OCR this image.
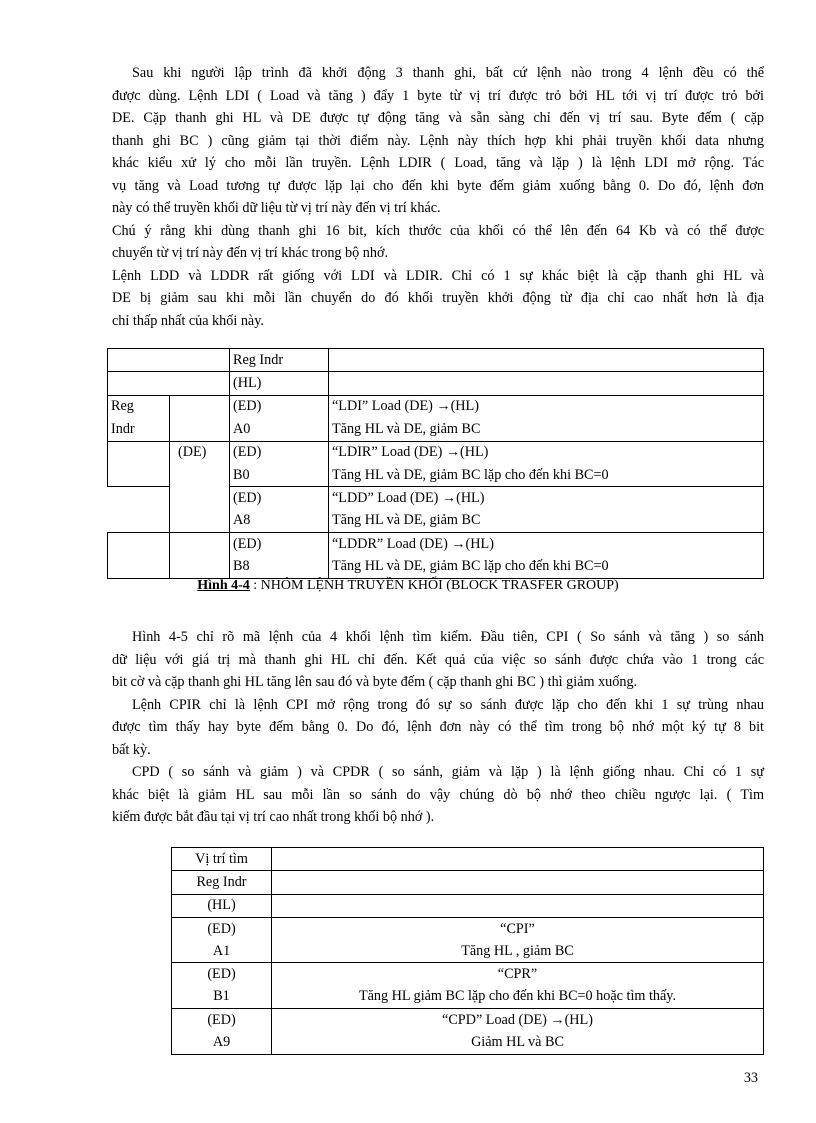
Sau khi người lập trình đã khởi động 3 thanh ghi, bất cứ lệnh nào trong 4 lệnh đều có thể
được dùng. Lệnh LDI ( Load và tăng ) đẩy 1 byte từ vị trí được trỏ bởi HL tới vị trí được trỏ bởi
DE. Cặp thanh ghi HL và DE được tự động tăng và sẵn sàng chỉ đến vị trí sau. Byte đếm ( cặp
thanh ghi BC ) cũng giảm tại thời điểm này. Lệnh này thích hợp khi phải truyền khối data nhưng
khác kiểu xử lý cho mỗi lần truyền. Lệnh LDIR ( Load, tăng và lặp ) là lệnh LDI mở rộng. Tác
vụ tăng và Load tương tự được lặp lại cho đến khi byte đếm giảm xuống bằng 0. Do đó, lệnh đơn
này có thể truyền khối dữ liệu từ vị trí này đến vị trí khác.
Chú ý rằng khi dùng thanh ghi 16 bit, kích thước của khối có thể lên đến 64 Kb và có thể được
chuyển từ vị trí này đến vị trí khác trong bộ nhớ.
Lệnh LDD và LDDR rất giống với LDI và LDIR. Chỉ có 1 sự khác biệt là cặp thanh ghi HL và
DE bị giảm sau khi mỗi lần chuyển do đó khối truyền khởi động từ địa chỉ cao nhất hơn là địa
chỉ thấp nhất của khối này.
		Reg Indr	
		(HL)	
Reg		(ED)	“LDI” Load (DE) →(HL)
Indr		A0	Tăng HL và DE, giảm BC
	(DE)	(ED)	“LDIR” Load (DE) →(HL)
		B0	Tăng HL và DE, giảm BC lặp cho đến khi BC=0
		(ED)	“LDD” Load (DE) →(HL)
		A8	Tăng HL và DE, giảm BC
		(ED)	“LDDR” Load (DE) →(HL)
		B8	Tăng HL và DE, giảm BC lặp cho đến khi BC=0
Hình 4-4 : NHÓM LỆNH TRUYỀN KHỐI (BLOCK TRASFER GROUP)
Hình 4-5 chỉ rõ mã lệnh của 4 khối lệnh tìm kiếm. Đầu tiên, CPI ( So sánh và tăng ) so sánh
dữ liệu với giá trị mà thanh ghi HL chỉ đến. Kết quả của việc so sánh được chứa vào 1 trong các
bit cờ và cặp thanh ghi HL tăng lên sau đó và byte đếm ( cặp thanh ghi BC ) thì giảm xuống.
Lệnh CPIR chỉ là lệnh CPI mở rộng trong đó sự so sánh được lặp cho đến khi 1 sự trùng nhau
được tìm thấy hay byte đếm bằng 0. Do đó, lệnh đơn này có thể tìm trong bộ nhớ một ký tự 8 bit
bất kỳ.
CPD ( so sánh và giảm ) và CPDR ( so sánh, giảm và lặp ) là lệnh giống nhau. Chỉ có 1 sự
khác biệt là giảm HL sau mỗi lần so sánh do vậy chúng dò bộ nhớ theo chiều ngược lại. ( Tìm
kiếm được bắt đầu tại vị trí cao nhất trong khối bộ nhớ ).
Vị trí tìm	
Reg Indr	
(HL)	
(ED)	“CPI”
A1	Tăng HL , giảm BC
(ED)	“CPR”
B1	Tăng HL giảm BC lặp cho đến khi BC=0 hoặc tìm thấy.
(ED)	“CPD” Load (DE) →(HL)
A9	Giảm HL và BC
33
